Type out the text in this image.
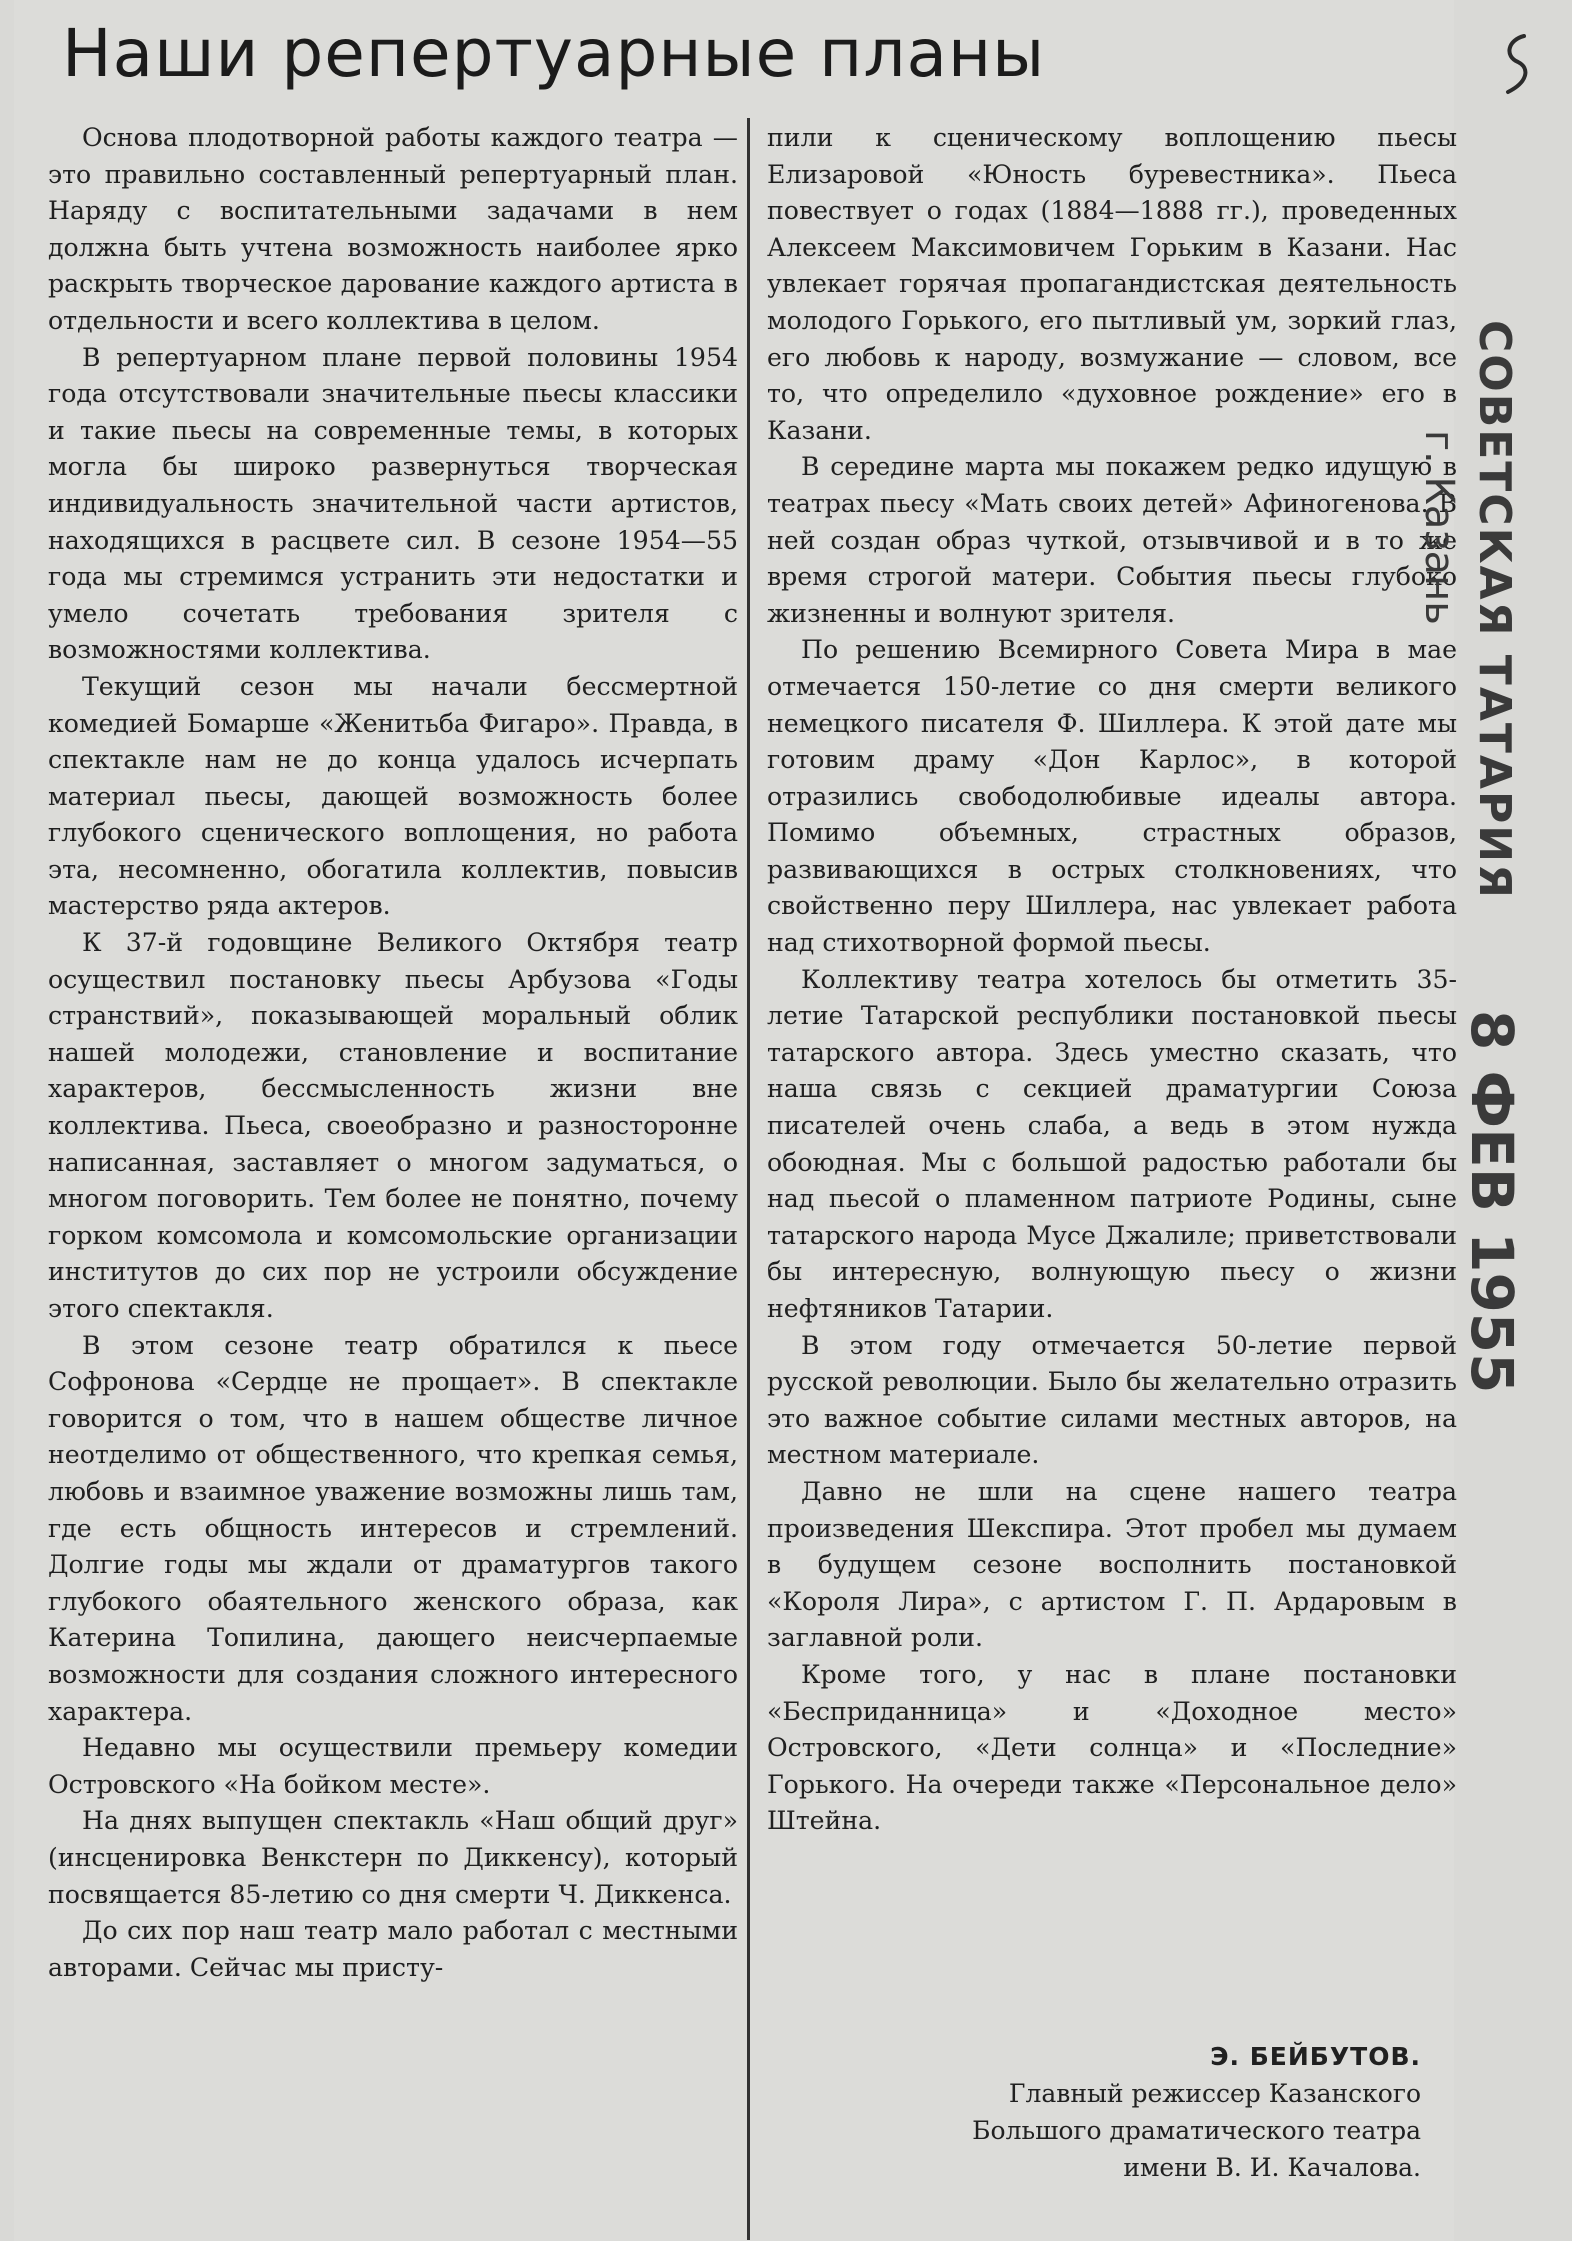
Наши репертуарные планы

Основа плодотворной работы каждого театра — это правильно составленный репертуарный план. Наряду с воспитательными задачами в нем должна быть учтена возможность наиболее ярко раскрыть творческое дарование каждого артиста в отдельности и всего коллектива в целом.

В репертуарном плане первой половины 1954 года отсутствовали значительные пьесы классики и такие пьесы на современные темы, в которых могла бы широко развернуться творческая индивидуальность значительной части артистов, находящихся в расцвете сил. В сезоне 1954—55 года мы стремимся устранить эти недостатки и умело сочетать требования зрителя с возможностями коллектива.

Текущий сезон мы начали бессмертной комедией Бомарше «Женитьба Фигаро». Правда, в спектакле нам не до конца удалось исчерпать материал пьесы, дающей возможность более глубокого сценического воплощения, но работа эта, несомненно, обогатила коллектив, повысив мастерство ряда актеров.

К 37-й годовщине Великого Октября театр осуществил постановку пьесы Арбузова «Годы странствий», показывающей моральный облик нашей молодежи, становление и воспитание характеров, бессмысленность жизни вне коллектива. Пьеса, своеобразно и разносторонне написанная, заставляет о многом задуматься, о многом поговорить. Тем более не понятно, почему горком комсомола и комсомольские организации институтов до сих пор не устроили обсуждение этого спектакля.

В этом сезоне театр обратился к пьесе Софронова «Сердце не прощает». В спектакле говорится о том, что в нашем обществе личное неотделимо от общественного, что крепкая семья, любовь и взаимное уважение возможны лишь там, где есть общность интересов и стремлений. Долгие годы мы ждали от драматургов такого глубокого обаятельного женского образа, как Катерина Топилина, дающего неисчерпаемые возможности для создания сложного интересного характера.

Недавно мы осуществили премьеру комедии Островского «На бойком месте».

На днях выпущен спектакль «Наш общий друг» (инсценировка Венкстерн по Диккенсу), который посвящается 85-летию со дня смерти Ч. Диккенса.

До сих пор наш театр мало работал с местными авторами. Сейчас мы присту-

пили к сценическому воплощению пьесы Елизаровой «Юность буревестника». Пьеса повествует о годах (1884—1888 гг.), проведенных Алексеем Максимовичем Горьким в Казани. Нас увлекает горячая пропагандистская деятельность молодого Горького, его пытливый ум, зоркий глаз, его любовь к народу, возмужание — словом, все то, что определило «духовное рождение» его в Казани.

В середине марта мы покажем редко идущую в театрах пьесу «Мать своих детей» Афиногенова. В ней создан образ чуткой, отзывчивой и в то же время строгой матери. События пьесы глубоко жизненны и волнуют зрителя.

По решению Всемирного Совета Мира в мае отмечается 150-летие со дня смерти великого немецкого писателя Ф. Шиллера. К этой дате мы готовим драму «Дон Карлос», в которой отразились свободолюбивые идеалы автора. Помимо объемных, страстных образов, развивающихся в острых столкновениях, что свойственно перу Шиллера, нас увлекает работа над стихотворной формой пьесы.

Коллективу театра хотелось бы отметить 35-летие Татарской республики постановкой пьесы татарского автора. Здесь уместно сказать, что наша связь с секцией драматургии Союза писателей очень слаба, а ведь в этом нужда обоюдная. Мы с большой радостью работали бы над пьесой о пламенном патриоте Родины, сыне татарского народа Мусе Джалиле; приветствовали бы интересную, волнующую пьесу о жизни нефтяников Татарии.

В этом году отмечается 50-летие первой русской революции. Было бы желательно отразить это важное событие силами местных авторов, на местном материале.

Давно не шли на сцене нашего театра произведения Шекспира. Этот пробел мы думаем в будущем сезоне восполнить постановкой «Короля Лира», с артистом Г. П. Ардаровым в заглавной роли.

Кроме того, у нас в плане постановки «Бесприданница» и «Доходное место» Островского, «Дети солнца» и «Последние» Горького. На очереди также «Персональное дело» Штейна.

Э. БЕЙБУТОВ.
Главный режиссер Казанского
Большого драматического театра
имени В. И. Качалова.
СОВЕТСКАЯ ТАТАРИЯ
г. Казань
8 ФЕВ 1955
